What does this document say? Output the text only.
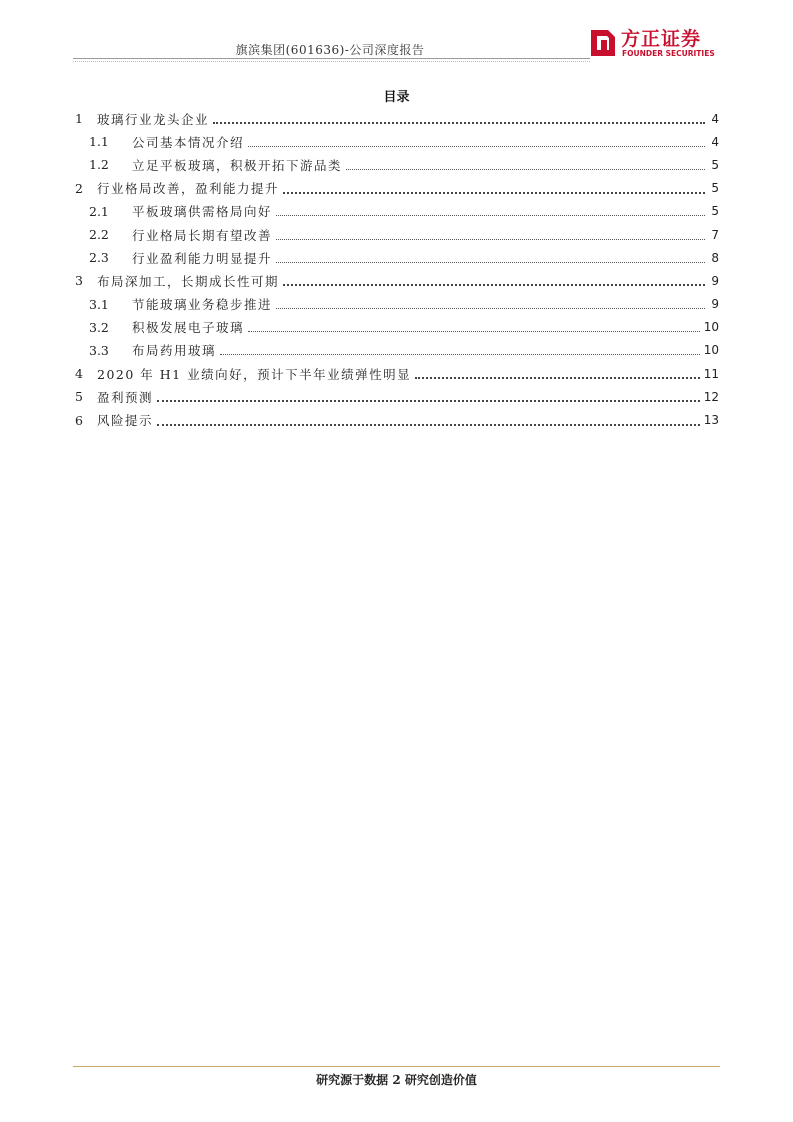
旗滨集团(601636)-公司深度报告	方正证券
FOUNDER SECURITIES
目录
1	玻璃行业龙头企业	4
1.1	公司基本情况介绍	4
1.2	立足平板玻璃，积极开拓下游品类	5
2	行业格局改善，盈利能力提升	5
2.1	平板玻璃供需格局向好	5
2.2	行业格局长期有望改善	7
2.3	行业盈利能力明显提升	8
3	布局深加工，长期成长性可期	9
3.1	节能玻璃业务稳步推进	9
3.2	积极发展电子玻璃	10
3.3	布局药用玻璃	10
4	2020 年 H1 业绩向好，预计下半年业绩弹性明显	11
5	盈利预测	12
6	风险提示	13
研究源于数据 2 研究创造价值
